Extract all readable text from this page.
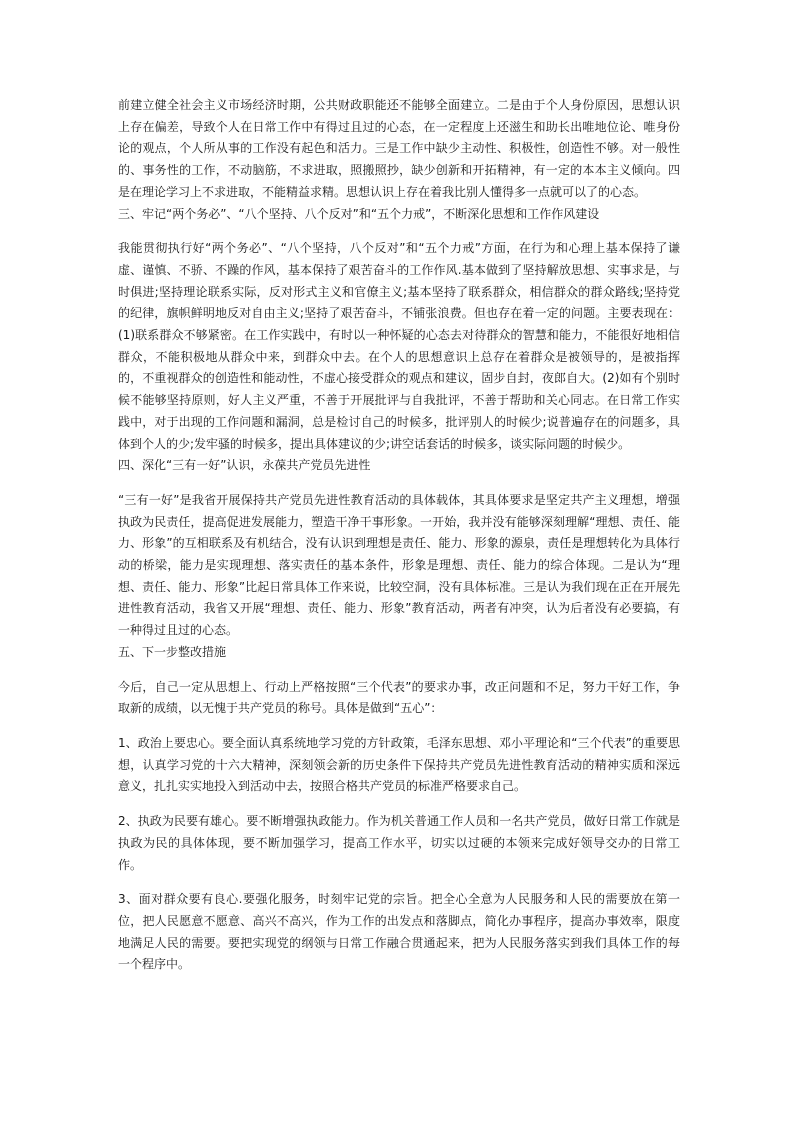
前建立健全社会主义市场经济时期，公共财政职能还不能够全面建立。二是由于个人身份原因，思想认识上存在偏差，导致个人在日常工作中有得过且过的心态，在一定程度上还滋生和助长出唯地位论、唯身份论的观点，个人所从事的工作没有起色和活力。三是工作中缺少主动性、积极性，创造性不够。对一般性的、事务性的工作，不动脑筋，不求进取，照搬照抄，缺少创新和开拓精神，有一定的本本主义倾向。四是在理论学习上不求进取，不能精益求精。思想认识上存在着我比别人懂得多一点就可以了的心态。

三、牢记“两个务必”、“八个坚持、八个反对”和“五个力戒”，不断深化思想和工作作风建设

我能贯彻执行好“两个务必”、“八个坚持，八个反对”和“五个力戒”方面，在行为和心理上基本保持了谦虚、谨慎、不骄、不躁的作风，基本保持了艰苦奋斗的工作作风.基本做到了坚持解放思想、实事求是，与时俱进;坚持理论联系实际，反对形式主义和官僚主义;基本坚持了联系群众，相信群众的群众路线;坚持党的纪律，旗帜鲜明地反对自由主义;坚持了艰苦奋斗，不铺张浪费。但也存在着一定的问题。主要表现在：(1)联系群众不够紧密。在工作实践中，有时以一种怀疑的心态去对待群众的智慧和能力，不能很好地相信群众，不能积极地从群众中来，到群众中去。在个人的思想意识上总存在着群众是被领导的，是被指挥的，不重视群众的创造性和能动性，不虚心接受群众的观点和建议，固步自封，夜郎自大。(2)如有个别时候不能够坚持原则，好人主义严重，不善于开展批评与自我批评，不善于帮助和关心同志。在日常工作实践中，对于出现的工作问题和漏洞，总是检讨自己的时候多，批评别人的时候少;说普遍存在的问题多，具体到个人的少;发牢骚的时候多，提出具体建议的少;讲空话套话的时候多，谈实际问题的时候少。

四、深化“三有一好”认识，永葆共产党员先进性

“三有一好”是我省开展保持共产党员先进性教育活动的具体载体，其具体要求是坚定共产主义理想，增强执政为民责任，提高促进发展能力，塑造干净干事形象。一开始，我并没有能够深刻理解“理想、责任、能力、形象”的互相联系及有机结合，没有认识到理想是责任、能力、形象的源泉，责任是理想转化为具体行动的桥梁，能力是实现理想、落实责任的基本条件，形象是理想、责任、能力的综合体现。二是认为“理想、责任、能力、形象”比起日常具体工作来说，比较空洞，没有具体标准。三是认为我们现在正在开展先进性教育活动，我省又开展“理想、责任、能力、形象”教育活动，两者有冲突，认为后者没有必要搞，有一种得过且过的心态。

五、下一步整改措施

今后，自己一定从思想上、行动上严格按照“三个代表”的要求办事，改正问题和不足，努力干好工作，争取新的成绩，以无愧于共产党员的称号。具体是做到“五心”：

1、政治上要忠心。要全面认真系统地学习党的方针政策，毛泽东思想、邓小平理论和“三个代表”的重要思想，认真学习党的十六大精神，深刻领会新的历史条件下保持共产党员先进性教育活动的精神实质和深远意义，扎扎实实地投入到活动中去，按照合格共产党员的标准严格要求自己。

2、执政为民要有雄心。要不断增强执政能力。作为机关普通工作人员和一名共产党员，做好日常工作就是执政为民的具体体现，要不断加强学习，提高工作水平，切实以过硬的本领来完成好领导交办的日常工作。

3、面对群众要有良心.要强化服务，时刻牢记党的宗旨。把全心全意为人民服务和人民的需要放在第一位，把人民愿意不愿意、高兴不高兴，作为工作的出发点和落脚点，简化办事程序，提高办事效率，限度地满足人民的需要。要把实现党的纲领与日常工作融合贯通起来，把为人民服务落实到我们具体工作的每一个程序中。
